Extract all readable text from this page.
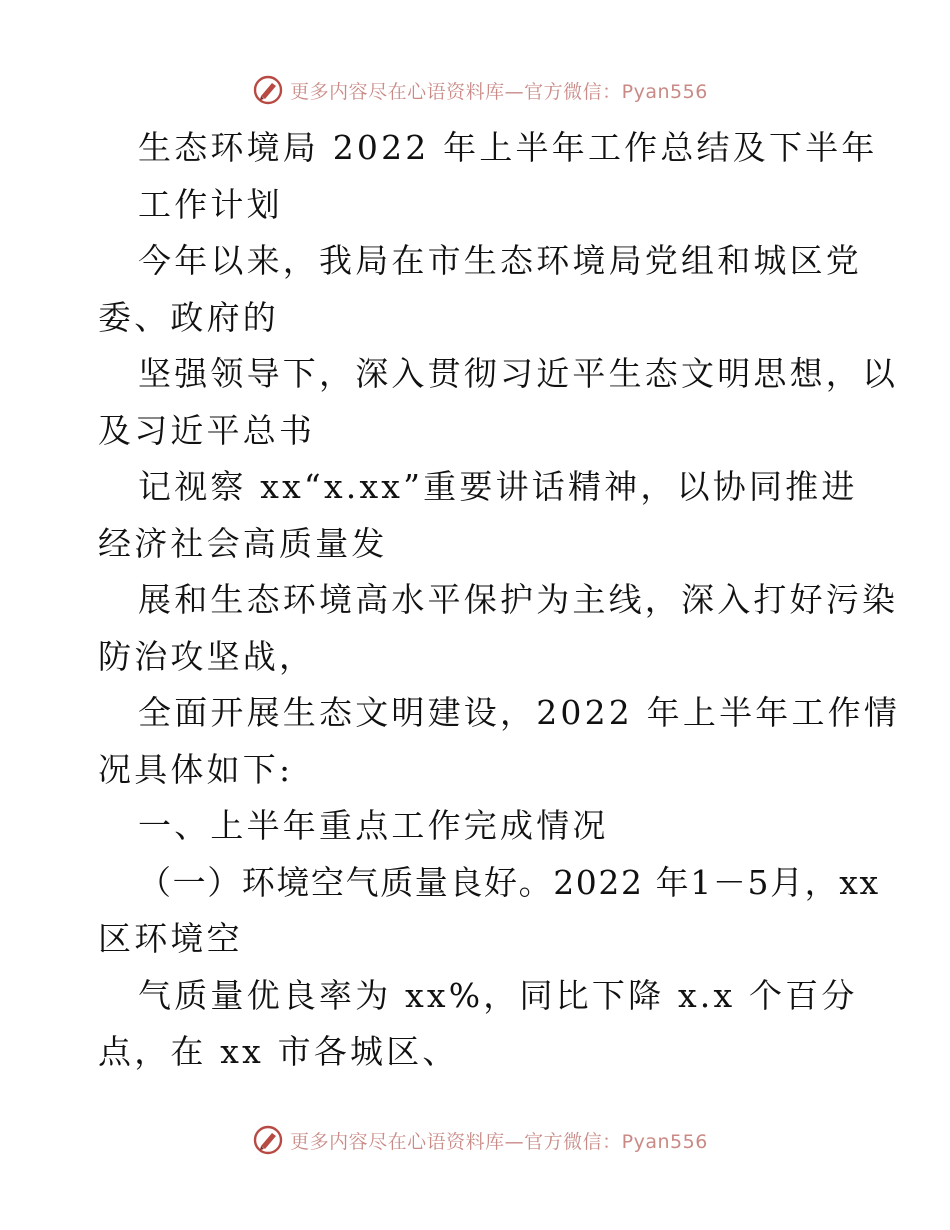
更多内容尽在心语资料库—官方微信：Pyan556
生态环境局 2022 年上半年工作总结及下半年
工作计划
今年以来，我局在市生态环境局党组和城区党
委、政府的
坚强领导下，深入贯彻习近平生态文明思想，以
及习近平总书
记视察 xx“x.xx”重要讲话精神，以协同推进
经济社会高质量发
展和生态环境高水平保护为主线，深入打好污染
防治攻坚战，
全面开展生态文明建设，2022 年上半年工作情
况具体如下:
一、上半年重点工作完成情况
（一）环境空气质量良好。2022 年1－5月，xx
区环境空
气质量优良率为 xx%，同比下降 x.x 个百分
点，在 xx 市各城区、
更多内容尽在心语资料库—官方微信：Pyan556
